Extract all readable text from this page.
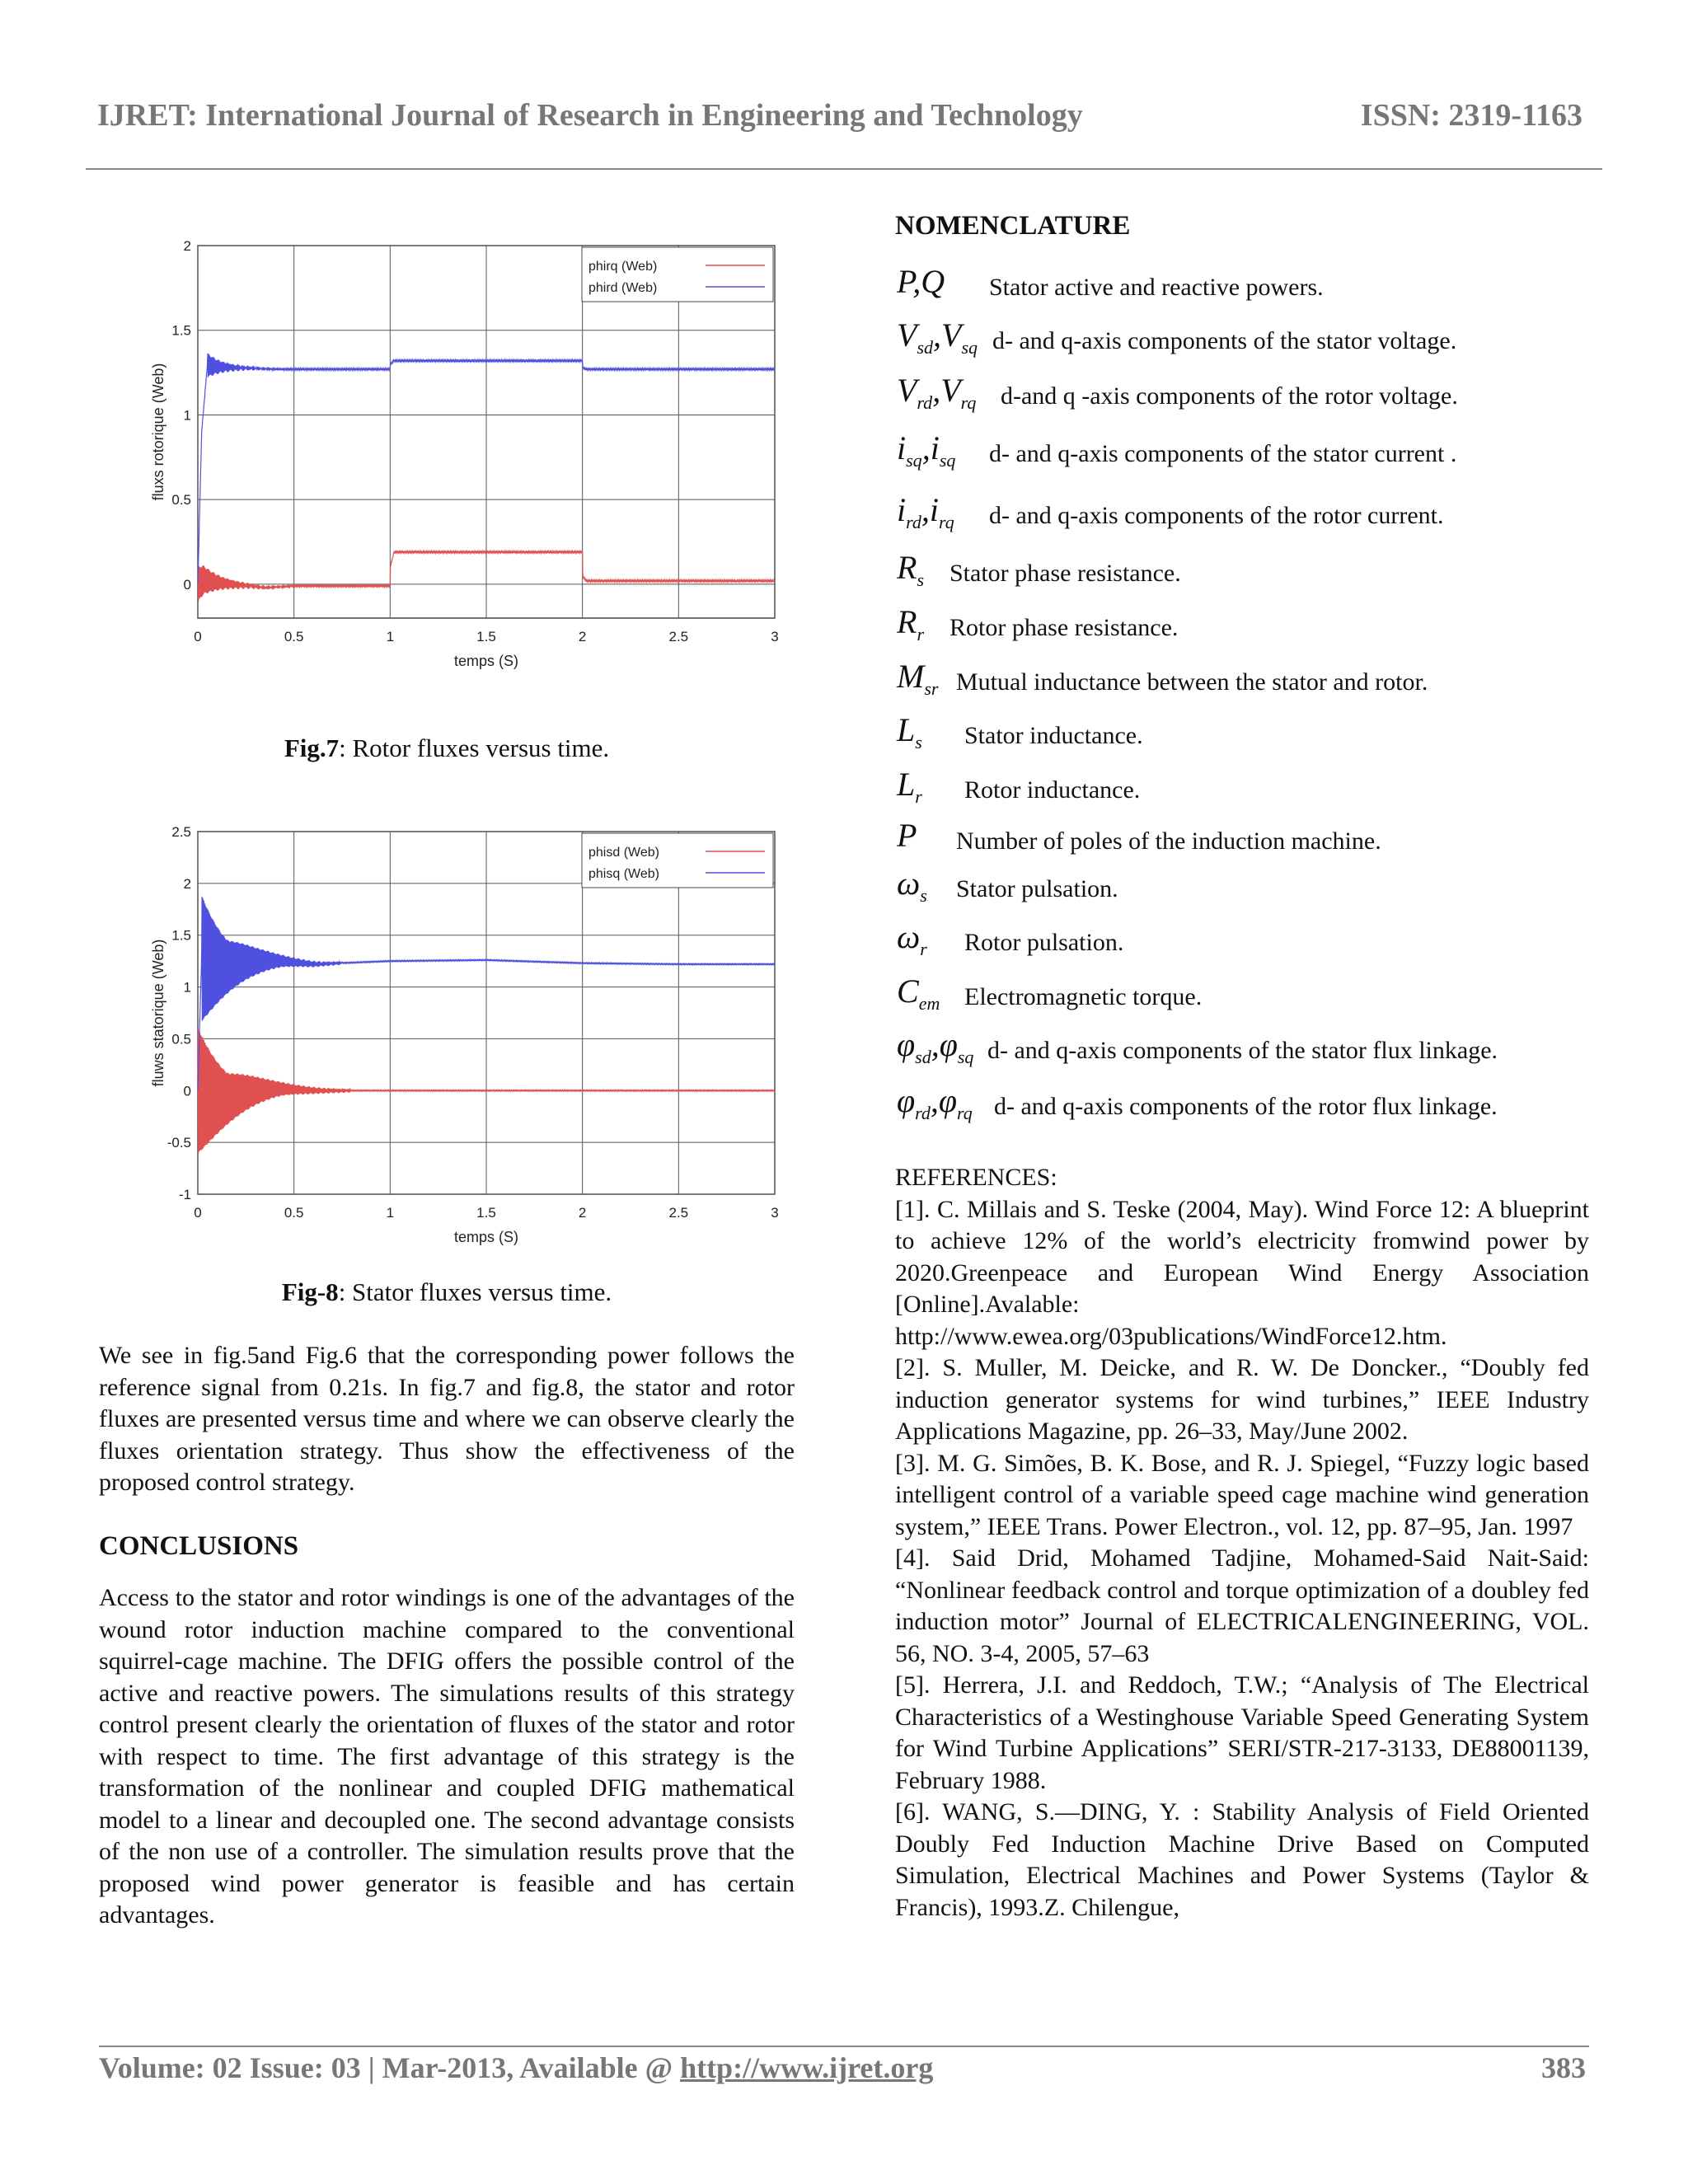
IJRET: International Journal of Research in Engineering and Technology	ISSN: 2319-1163
0	0.5	1	1.5	2	2.5	3
0
0.5
1
1.5
2
temps (S)
fluxs rotorique (Web)
phirq (Web)
phird (Web)
Fig.7: Rotor fluxes versus time.
0	0.5	1	1.5	2	2.5	3
-1
-0.5
0
0.5
1
1.5
2
2.5
temps (S)
fluws statorique (Web)
phisd (Web)
phisq (Web)
Fig-8: Stator fluxes versus time.
We see in fig.5and Fig.6 that the corresponding power follows the reference signal from 0.21s. In fig.7 and fig.8, the stator and rotor fluxes are presented versus time and where we can observe clearly the fluxes orientation strategy. Thus show the effectiveness of the proposed control strategy.
CONCLUSIONS
Access to the stator and rotor windings is one of the advantages of the wound rotor induction machine compared to the conventional squirrel-cage machine. The DFIG offers the possible control of the active and reactive powers. The simulations results of this strategy control present clearly the orientation of fluxes of the stator and rotor with respect to time. The first advantage of this strategy is the transformation of the nonlinear and coupled DFIG mathematical model to a linear and decoupled one. The second advantage consists of the non use of a controller. The simulation results prove that the proposed wind power generator is feasible and has certain advantages.
NOMENCLATURE
P,Q Stator active and reactive powers.
$V_{sd},V_{sq}$ d- and q-axis components of the stator voltage.
$V_{rd},V_{rq}$ d-and q -axis components of the rotor voltage.
$i_{sq},i_{sq}$ d- and q-axis components of the stator current .
$i_{rd},i_{rq}$ d- and q-axis components of the rotor current.
$R_s$ Stator phase resistance.
$R_r$ Rotor phase resistance.
$M_{sr}$ Mutual inductance between the stator and rotor.
$L_s$ Stator inductance.
$L_r$ Rotor inductance.
P Number of poles of the induction machine.
$\omega_s$ Stator pulsation.
$\omega_r$ Rotor pulsation.
$C_{em}$ Electromagnetic torque.
$\varphi_{sd},\varphi_{sq}$ d- and q-axis components of the stator flux linkage.
$\varphi_{rd},\varphi_{rq}$ d- and q-axis components of the rotor flux linkage.
REFERENCES:
[1]. C. Millais and S. Teske (2004, May). Wind Force 12: A blueprint to achieve 12% of the world’s electricity fromwind power by 2020.Greenpeace and European Wind Energy Association [Online].Avalable:
http://www.ewea.org/03publications/WindForce12.htm.
[2]. S. Muller, M. Deicke, and R. W. De Doncker., “Doubly fed induction generator systems for wind turbines,” IEEE Industry Applications Magazine, pp. 26–33, May/June 2002.
[3]. M. G. Simões, B. K. Bose, and R. J. Spiegel, “Fuzzy logic based intelligent control of a variable speed cage machine wind generation system,” IEEE Trans. Power Electron., vol. 12, pp. 87–95, Jan. 1997
[4]. Said Drid, Mohamed Tadjine, Mohamed-Said Nait-Said: “Nonlinear feedback control and torque optimization of a doubley fed induction motor” Journal of ELECTRICALENGINEERING, VOL. 56, NO. 3-4, 2005, 57–63
[5]. Herrera, J.I. and Reddoch, T.W.; “Analysis of The Electrical Characteristics of a Westinghouse Variable Speed Generating System for Wind Turbine Applications” SERI/STR-217-3133, DE88001139, February 1988.
[6]. WANG, S.—DING, Y. : Stability Analysis of Field Oriented Doubly Fed Induction Machine Drive Based on Computed Simulation, Electrical Machines and Power Systems (Taylor & Francis), 1993.Z. Chilengue,
Volume: 02 Issue: 03 | Mar-2013, Available @ http://www.ijret.org	383
